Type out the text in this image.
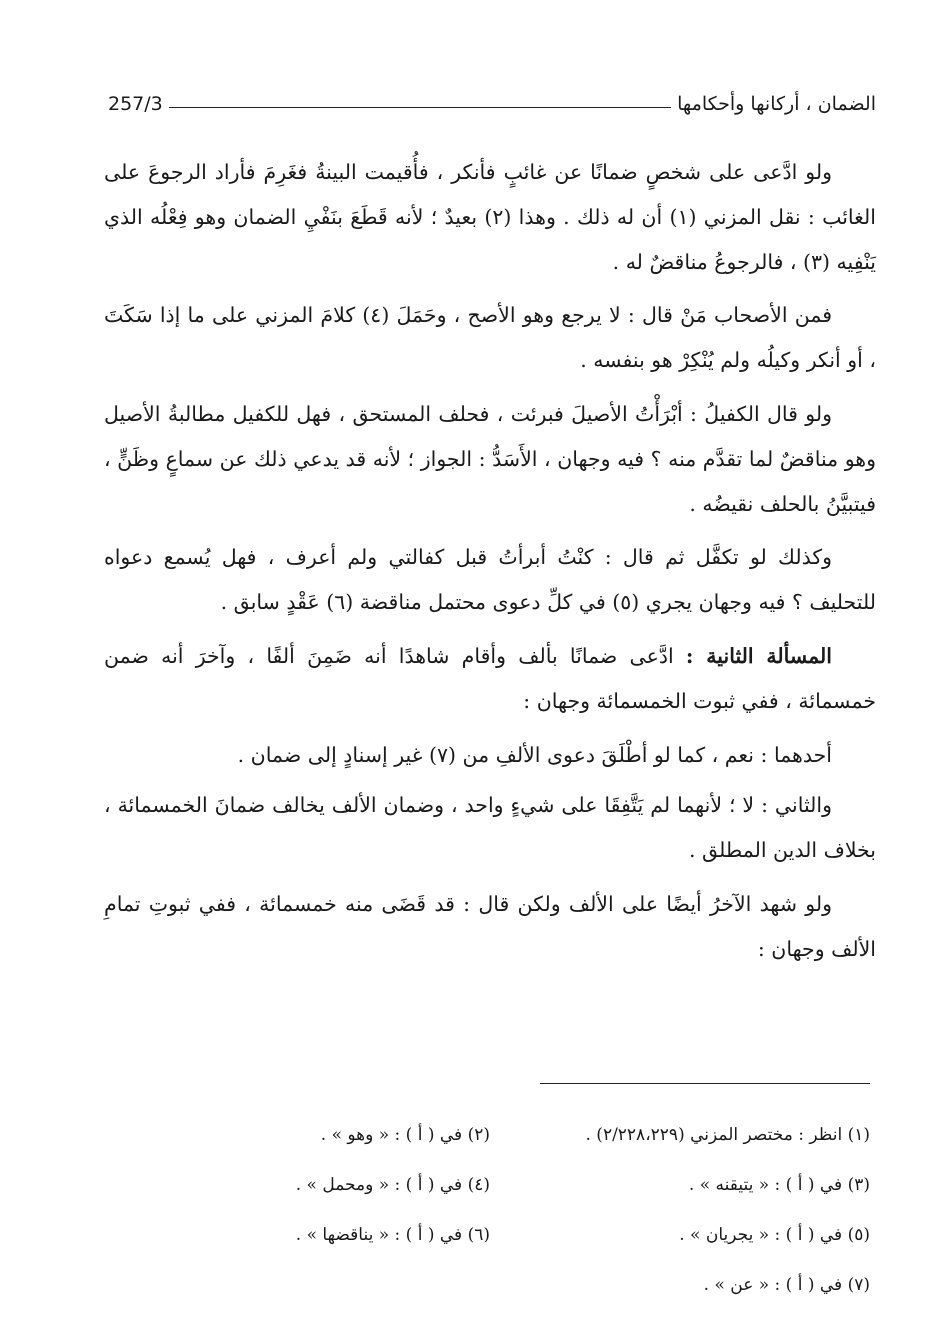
الضمان ، أركانها وأحكامها
257/3

ولو ادَّعى على شخصٍ ضمانًا عن غائبٍ فأنكر ، فأُقيمت البينةُ فغَرِمَ فأراد الرجوعَ على الغائب : نقل المزني (١) أن له ذلك . وهذا (٢) بعيدٌ ؛ لأنه قَطَعَ بنَفْيِ الضمان وهو فِعْلُه الذي يَنْفِيه (٣) ، فالرجوعُ مناقضٌ له .

فمن الأصحاب مَنْ قال : لا يرجع وهو الأصح ، وحَمَلَ (٤) كلامَ المزني على ما إذا سَكَتَ ، أو أنكر وكيلُه ولم يُنْكِرْ هو بنفسه .

ولو قال الكفيلُ : أبْرَأْتُ الأصيلَ فبرئت ، فحلف المستحق ، فهل للكفيل مطالبةُ الأصيل وهو مناقضٌ لما تقدَّم منه ؟ فيه وجهان ، الأَسَدُّ : الجواز ؛ لأنه قد يدعي ذلك عن سماعٍ وظَنٍّ ، فيتبيَّنُ بالحلف نقيضُه .

وكذلك لو تكفَّل ثم قال : كنْتُ أبرأتُ قبل كفالتي ولم أعرف ، فهل يُسمع دعواه للتحليف ؟ فيه وجهان يجري (٥) في كلِّ دعوى محتمل مناقضة (٦) عَقْدٍ سابق .

المسألة الثانية : ادَّعى ضمانًا بألف وأقام شاهدًا أنه ضَمِنَ ألفًا ، وآخرَ أنه ضمن خمسمائة ، ففي ثبوت الخمسمائة وجهان :

أحدهما : نعم ، كما لو أطْلَقَ دعوى الألفِ من (٧) غير إسنادٍ إلى ضمان .

والثاني : لا ؛ لأنهما لم يَتَّفِقَا على شيءٍ واحد ، وضمان الألف يخالف ضمانَ الخمسمائة ، بخلاف الدين المطلق .

ولو شهد الآخرُ أيضًا على الألف ولكن قال : قد قَضَى منه خمسمائة ، ففي ثبوتِ تمامِ الألف وجهان :

(١) انظر : مختصر المزني (٢/٢٢٨،٢٢٩) .
(٢) في ( أ ) : « وهو » .
(٣) في ( أ ) : « يتيقنه » .
(٤) في ( أ ) : « ومحمل » .
(٥) في ( أ ) : « يجريان » .
(٦) في ( أ ) : « يناقضها » .
(٧) في ( أ ) : « عن » .
